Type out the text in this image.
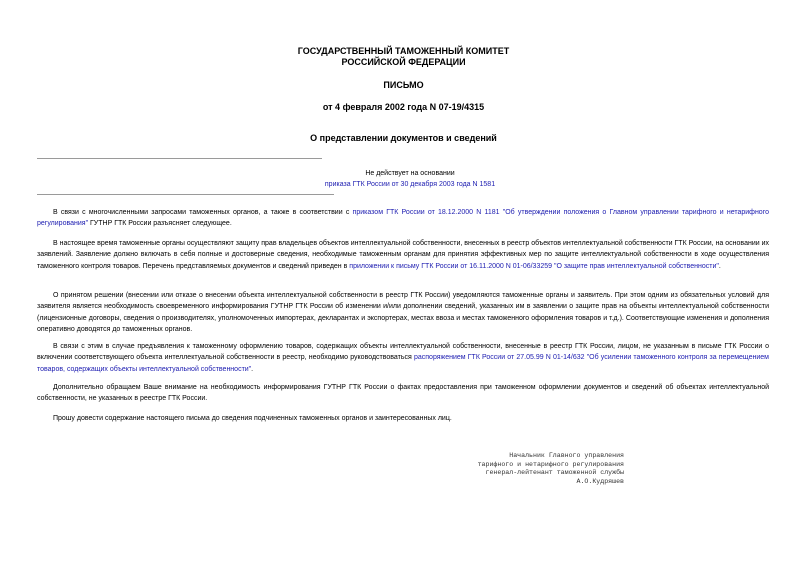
ГОСУДАРСТВЕННЫЙ ТАМОЖЕННЫЙ КОМИТЕТ
РОССИЙСКОЙ ФЕДЕРАЦИИ
ПИСЬМО
от 4 февраля 2002 года N 07-19/4315
О представлении документов и сведений
Не действует на основании
приказа ГТК России от 30 декабря 2003 года N 1581

В связи с многочисленными запросами таможенных органов, а также в соответствии с приказом ГТК России от 18.12.2000 N 1181 "Об утверждении положения о Главном управлении тарифного и нетарифного регулирования" ГУТНР ГТК России разъясняет следующее.

В настоящее время таможенные органы осуществляют защиту прав владельцев объектов интеллектуальной собственности, внесенных в реестр объектов интеллектуальной собственности ГТК России, на основании их заявлений. Заявление должно включать в себя полные и достоверные сведения, необходимые таможенным органам для принятия эффективных мер по защите интеллектуальной собственности в ходе осуществления таможенного контроля товаров. Перечень представляемых документов и сведений приведен в приложении к письму ГТК России от 16.11.2000 N 01-06/33259 "О защите прав интеллектуальной собственности".

О принятом решении (внесении или отказе о внесении объекта интеллектуальной собственности в реестр ГТК России) уведомляются таможенные органы и заявитель. При этом одним из обязательных условий для заявителя является необходимость своевременного информирования ГУТНР ГТК России об изменении и/или дополнении сведений, указанных им в заявлении о защите прав на объекты интеллектуальной собственности (лицензионные договоры, сведения о производителях, уполномоченных импортерах, декларантах и экспортерах, местах ввоза и местах таможенного оформления товаров и т.д.). Соответствующие изменения и дополнения оперативно доводятся до таможенных органов.

В связи с этим в случае предъявления к таможенному оформлению товаров, содержащих объекты интеллектуальной собственности, внесенные в реестр ГТК России, лицом, не указанным в письме ГТК России о включении соответствующего объекта интеллектуальной собственности в реестр, необходимо руководствоваться распоряжением ГТК России от 27.05.99 N 01-14/632 "Об усилении таможенного контроля за перемещением товаров, содержащих объекты интеллектуальной собственности".

Дополнительно обращаем Ваше внимание на необходимость информирования ГУТНР ГТК России о фактах предоставления при таможенном оформлении документов и сведений об объектах интеллектуальной собственности, не указанных в реестре ГТК России.

Прошу довести содержание настоящего письма до сведения подчиненных таможенных органов и заинтересованных лиц.

Начальник Главного управления
тарифного и нетарифного регулирования
генерал-лейтенант таможенной службы
А.О.Кудряшев
